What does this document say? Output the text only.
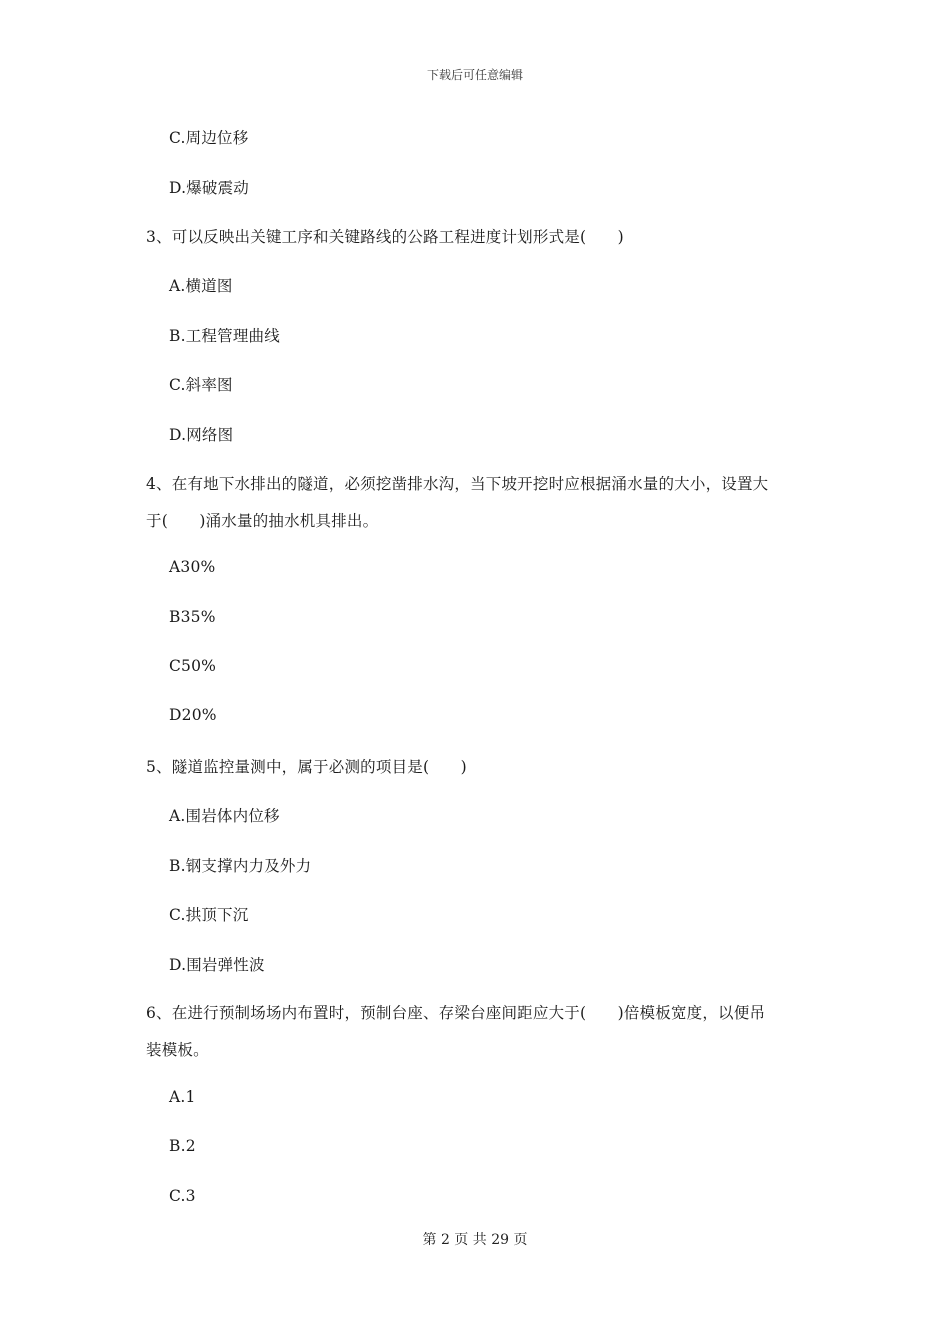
下载后可任意编辑
C.周边位移
D.爆破震动
3、可以反映出关键工序和关键路线的公路工程进度计划形式是(　　)
A.横道图
B.工程管理曲线
C.斜率图
D.网络图
4、在有地下水排出的隧道，必须挖凿排水沟，当下坡开挖时应根据涌水量的大小，设置大
于(　　)涌水量的抽水机具排出。
A30%
B35%
C50%
D20%
5、隧道监控量测中，属于必测的项目是(　　)
A.围岩体内位移
B.钢支撑内力及外力
C.拱顶下沉
D.围岩弹性波
6、在进行预制场场内布置时，预制台座、存梁台座间距应大于(　　)倍模板宽度，以便吊
装模板。
A.1
B.2
C.3
第 2 页 共 29 页
